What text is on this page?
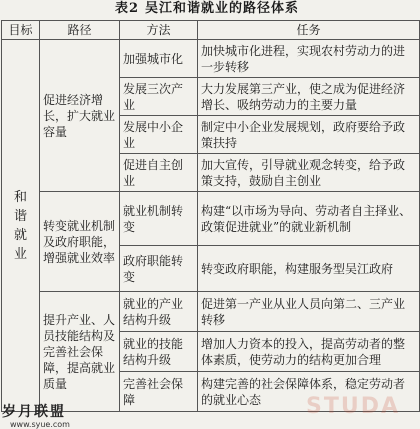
表2 吴江和谐就业的路径体系
目标	路径	方法	任务

和谐就业	促进经济增长，扩大就业容量	加强城市化	加快城市化进程，实现农村劳动力的进一步转移
		发展三次产业	大力发展第三产业，使之成为促进经济增长、吸纳劳动力的主要力量
		发展中小企业	制定中小企业发展规划，政府要给予政策扶持
		促进自主创业	加大宣传，引导就业观念转变，给予政策支持，鼓励自主创业
	转变就业机制及政府职能，增强就业效率	就业机制转变	构建“以市场为导向、劳动者自主择业、政策促进就业”的就业新机制
		政府职能转变	转变政府职能，构建服务型吴江政府
	提升产业、人员技能结构及完善社会保障，提高就业质量	就业的产业结构升级	促进第一产业从业人员向第二、三产业转移
		就业的技能结构升级	增加人力资本的投入，提高劳动者的整体素质，使劳动力的结构更加合理
		完善社会保障	构建完善的社会保障体系，稳定劳动者的就业心态
岁月联盟
www.syue.com
STUDA
